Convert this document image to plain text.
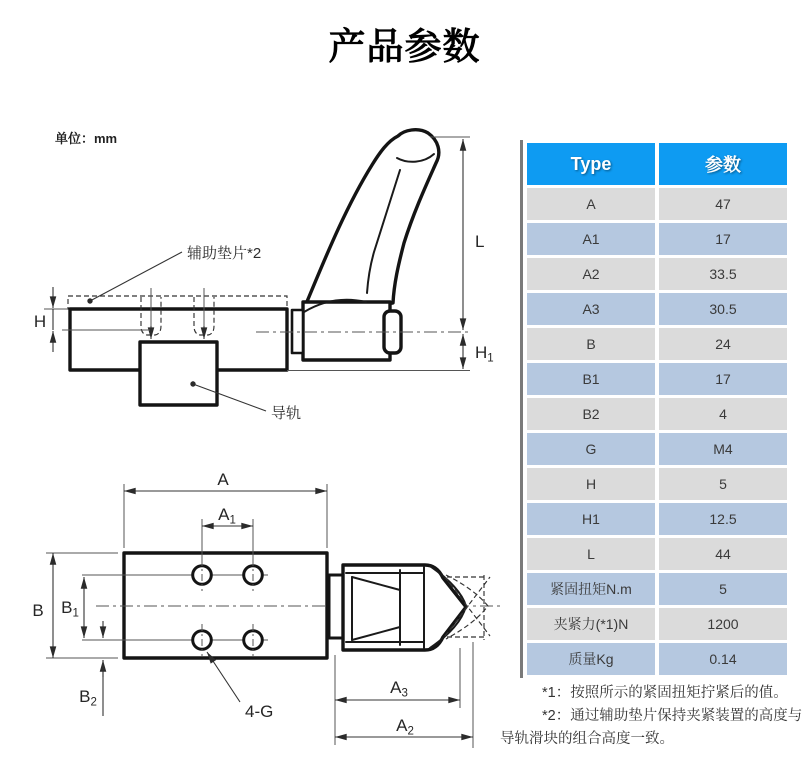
产品参数
单位：mm
H
L
$H_1$
辅助垫片*2
导轨
A
$A_1$
B $B_1$
$B_2$	4-G
$A_3$
$A_2$
Type	参数
A	47
A1	17
A2	33.5
A3	30.5
B	24
B1	17
B2	4
G	M4
H	5
H1	12.5
L	44
紧固扭矩N.m	5
夹紧力(*1)N	1200
质量Kg	0.14
*1：按照所示的紧固扭矩拧紧后的值。
*2：通过辅助垫片保持夹紧装置的高度与导轨滑块的组合高度一致。
